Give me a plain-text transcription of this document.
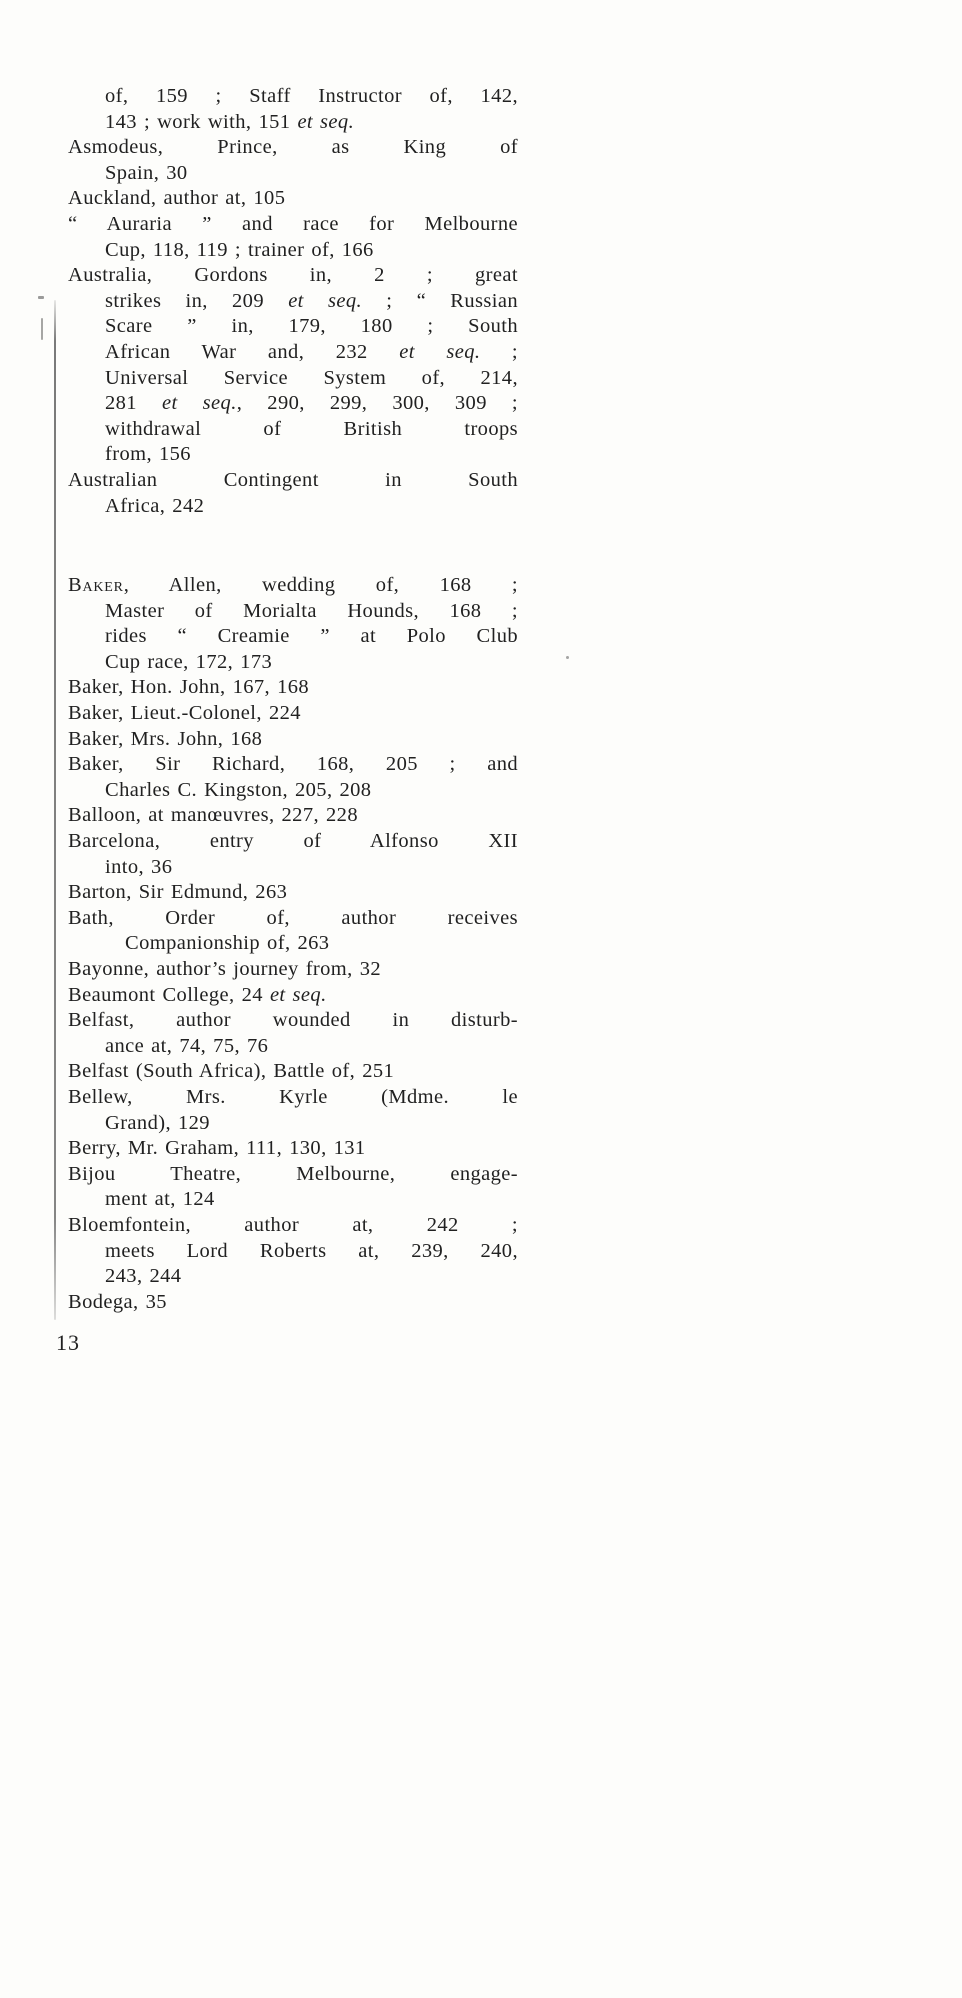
of, 159 ; Staff Instructor of, 142,
143 ; work with, 151 et seq.
Asmodeus, Prince, as King of
Spain, 30
Auckland, author at, 105
“ Auraria ” and race for Melbourne
Cup, 118, 119 ; trainer of, 166
Australia, Gordons in, 2 ; great
strikes in, 209 et seq. ; “ Russian
Scare ” in, 179, 180 ; South
African War and, 232 et seq. ;
Universal Service System of, 214,
281 et seq., 290, 299, 300, 309 ;
withdrawal of British troops
from, 156
Australian Contingent in South
Africa, 242
Baker, Allen, wedding of, 168 ;
Master of Morialta Hounds, 168 ;
rides “ Creamie ” at Polo Club
Cup race, 172, 173
Baker, Hon. John, 167, 168
Baker, Lieut.-Colonel, 224
Baker, Mrs. John, 168
Baker, Sir Richard, 168, 205 ; and
Charles C. Kingston, 205, 208
Balloon, at manœuvres, 227, 228
Barcelona, entry of Alfonso XII
into, 36
Barton, Sir Edmund, 263
Bath, Order of, author receives
Companionship of, 263
Bayonne, author’s journey from, 32
Beaumont College, 24 et seq.
Belfast, author wounded in disturb-
ance at, 74, 75, 76
Belfast (South Africa), Battle of, 251
Bellew, Mrs. Kyrle (Mdme. le
Grand), 129
Berry, Mr. Graham, 111, 130, 131
Bijou Theatre, Melbourne, engage-
ment at, 124
Bloemfontein, author at, 242 ;
meets Lord Roberts at, 239, 240,
243, 244
Bodega, 35
13
